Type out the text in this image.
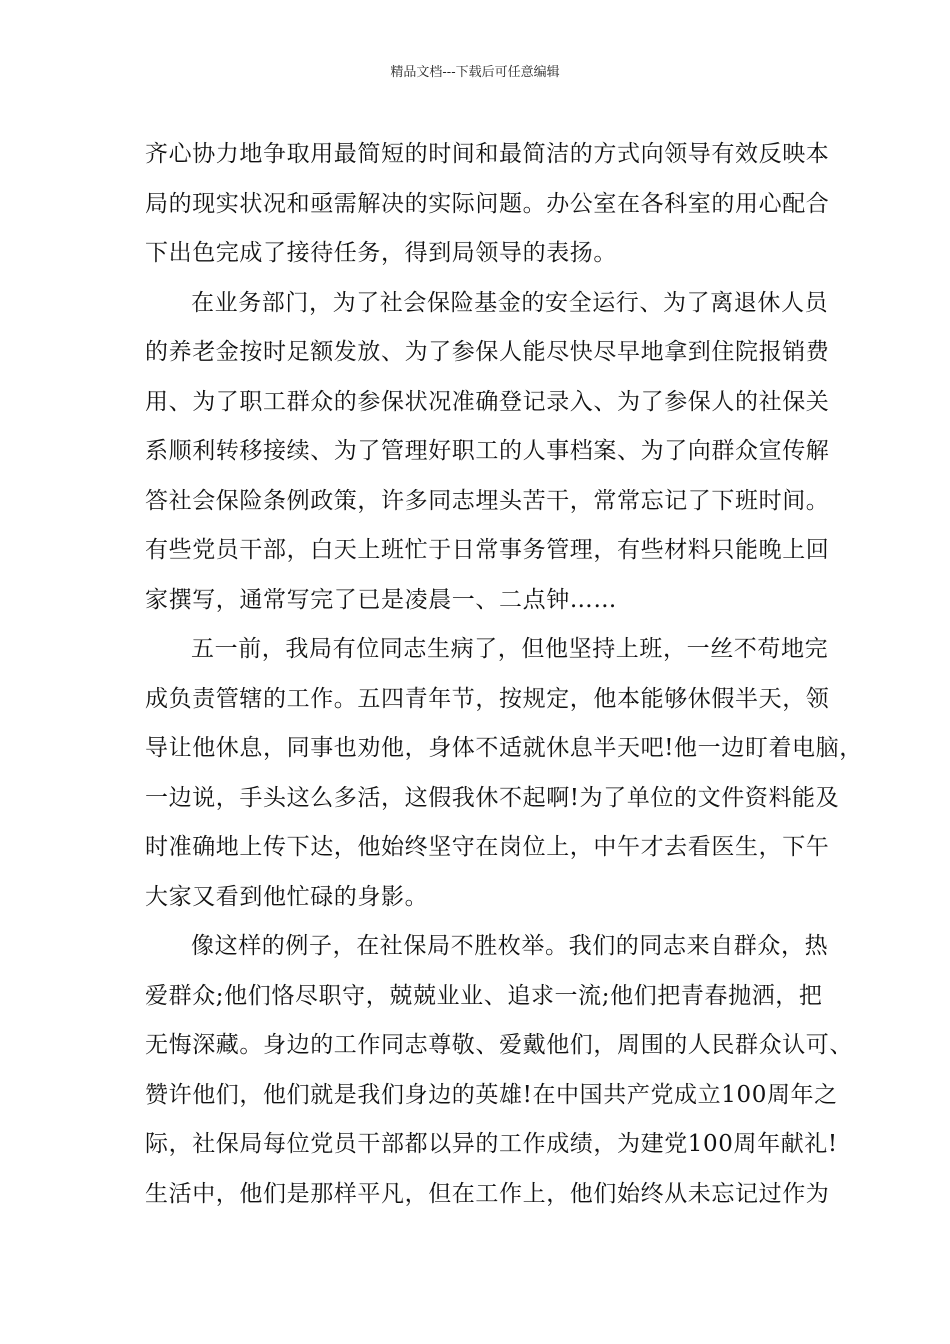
精品文档---下载后可任意编辑
齐心协力地争取用最简短的时间和最简洁的方式向领导有效反映本
局的现实状况和亟需解决的实际问题。办公室在各科室的用心配合
下出色完成了接待任务，得到局领导的表扬。
在业务部门，为了社会保险基金的安全运行、为了离退休人员
的养老金按时足额发放、为了参保人能尽快尽早地拿到住院报销费
用、为了职工群众的参保状况准确登记录入、为了参保人的社保关
系顺利转移接续、为了管理好职工的人事档案、为了向群众宣传解
答社会保险条例政策，许多同志埋头苦干，常常忘记了下班时间。
有些党员干部，白天上班忙于日常事务管理，有些材料只能晚上回
家撰写，通常写完了已是凌晨一、二点钟……
五一前，我局有位同志生病了，但他坚持上班，一丝不苟地完
成负责管辖的工作。五四青年节，按规定，他本能够休假半天，领
导让他休息，同事也劝他，身体不适就休息半天吧!他一边盯着电脑，
一边说，手头这么多活，这假我休不起啊!为了单位的文件资料能及
时准确地上传下达，他始终坚守在岗位上，中午才去看医生，下午
大家又看到他忙碌的身影。
像这样的例子，在社保局不胜枚举。我们的同志来自群众，热
爱群众;他们恪尽职守，兢兢业业、追求一流;他们把青春抛洒，把
无悔深藏。身边的工作同志尊敬、爱戴他们，周围的人民群众认可、
赞许他们，他们就是我们身边的英雄!在中国共产党成立100周年之
际，社保局每位党员干部都以异的工作成绩，为建党100周年献礼!
生活中，他们是那样平凡，但在工作上，他们始终从未忘记过作为
